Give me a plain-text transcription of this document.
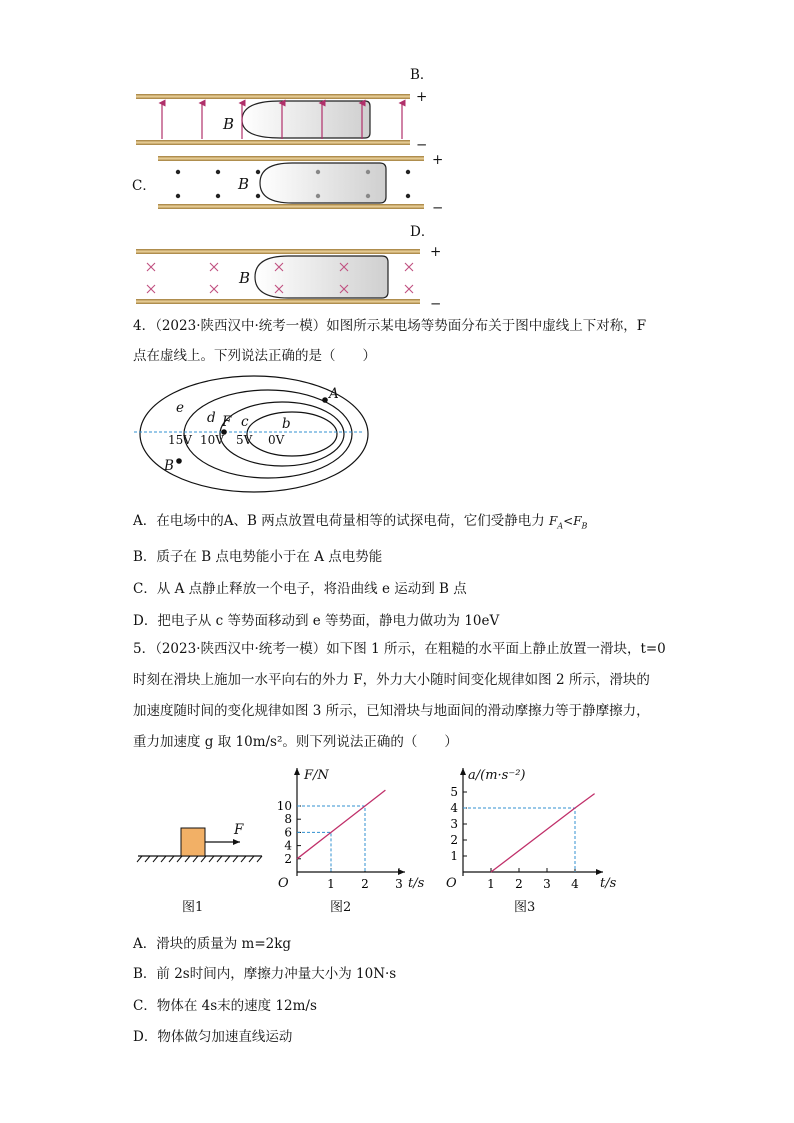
B．
B
+
−
C．	B
+
−
D．
B
+
−
4．（2023·陕西汉中·统考一模）如图所示某电场等势面分布关于图中虚线上下对称，F
点在虚线上。下列说法正确的是（　　）
e
d c b
15V 10V 5V 0V
A
B
F
A．在电场中的A、B 两点放置电荷量相等的试探电荷，它们受静电力 $F_A<F_B$
B．质子在 B 点电势能小于在 A 点电势能
C．从 A 点静止释放一个电子，将沿曲线 e 运动到 B 点
D．把电子从 c 等势面移动到 e 等势面，静电力做功为 10eV
5．（2023·陕西汉中·统考一模）如下图 1 所示，在粗糙的水平面上静止放置一滑块，t=0
时刻在滑块上施加一水平向右的外力 F，外力大小随时间变化规律如图 2 所示，滑块的
加速度随时间的变化规律如图 3 所示，已知滑块与地面间的滑动摩擦力等于静摩擦力，
重力加速度 g 取 10m/s²。则下列说法正确的（　　）
F
图1
2
4
6
8
10
1 2 3
F/N
t/s
O
图2
1
2
3
4
5
1 2 3 4
a/(m·s⁻²)
t/s
O
图3
A．滑块的质量为 m=2kg
B．前 2s时间内，摩擦力冲量大小为 10N·s
C．物体在 4s末的速度 12m/s
D．物体做匀加速直线运动
